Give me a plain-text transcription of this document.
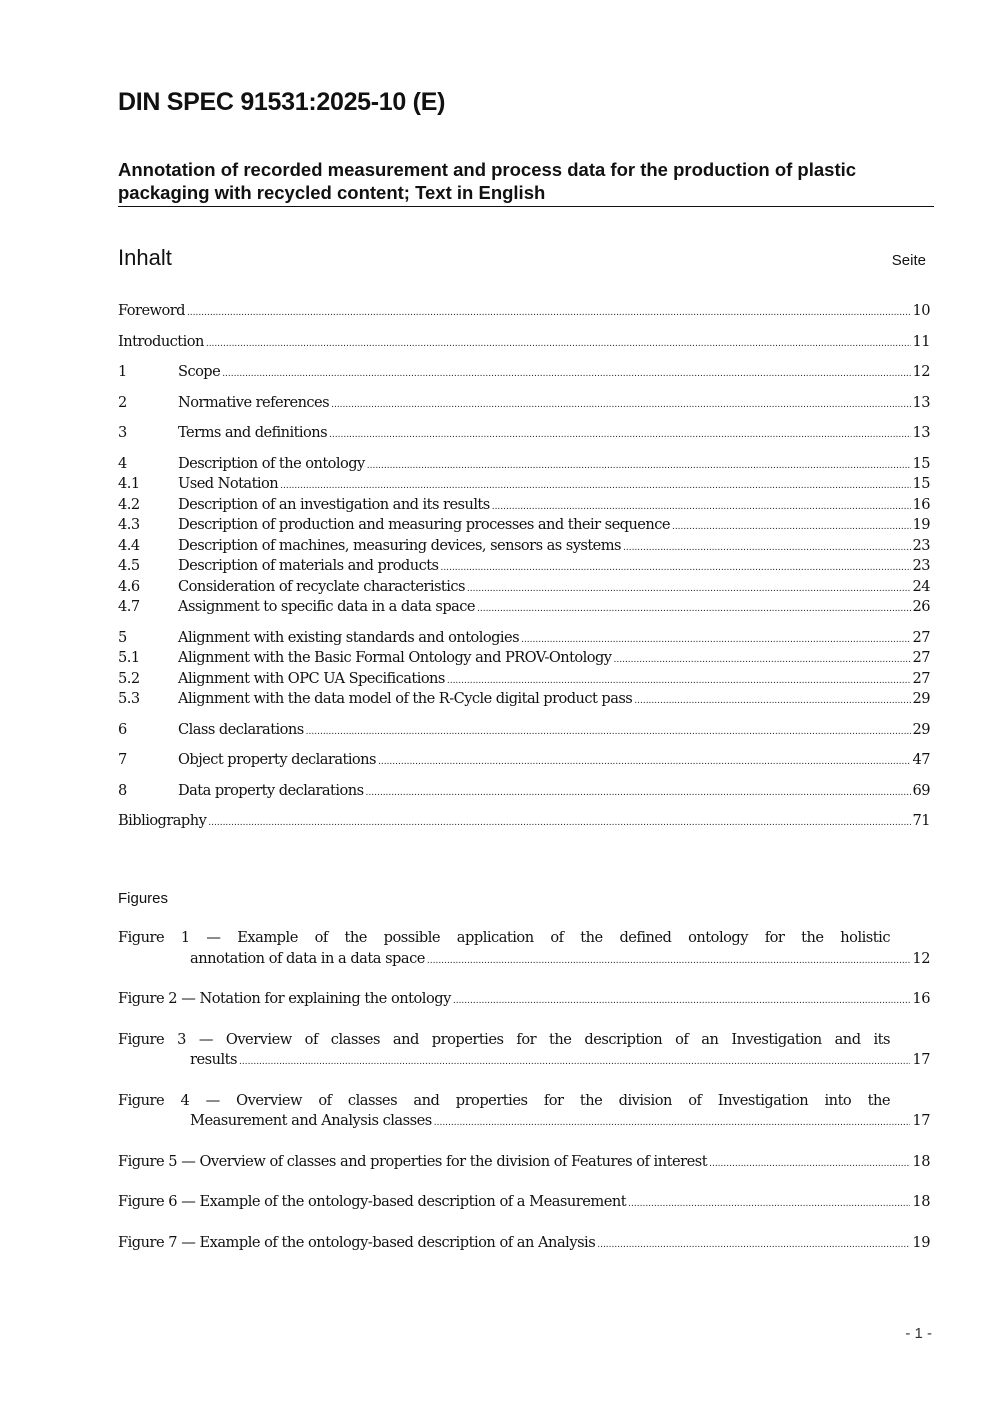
DIN SPEC 91531:2025-10 (E)
Annotation of recorded measurement and process data for the production of plastic packaging with recycled content; Text in English
Inhalt	Seite
Foreword .....	10
Introduction .....	11
1	Scope .....	12
2	Normative references .....	13
3	Terms and definitions .....	13
4	Description of the ontology .....	15
4.1	Used Notation .....	15
4.2	Description of an investigation and its results .....	16
4.3	Description of production and measuring processes and their sequence .....	19
4.4	Description of machines, measuring devices, sensors as systems .....	23
4.5	Description of materials and products .....	23
4.6	Consideration of recyclate characteristics .....	24
4.7	Assignment to specific data in a data space .....	26
5	Alignment with existing standards and ontologies .....	27
5.1	Alignment with the Basic Formal Ontology and PROV-Ontology .....	27
5.2	Alignment with OPC UA Specifications .....	27
5.3	Alignment with the data model of the R-Cycle digital product pass .....	29
6	Class declarations .....	29
7	Object property declarations .....	47
8	Data property declarations .....	69
Bibliography .....	71
Figures
Figure 1 — Example of the possible application of the defined ontology for the holistic
annotation of data in a data space .....	12
Figure 2 — Notation for explaining the ontology .....	16
Figure 3 — Overview of classes and properties for the description of an Investigation and its
results .....	17
Figure 4 — Overview of classes and properties for the division of Investigation into the
Measurement and Analysis classes .....	17
Figure 5 — Overview of classes and properties for the division of Features of interest .....	18
Figure 6 — Example of the ontology-based description of a Measurement .....	18
Figure 7 — Example of the ontology-based description of an Analysis .....	19
- 1 -
